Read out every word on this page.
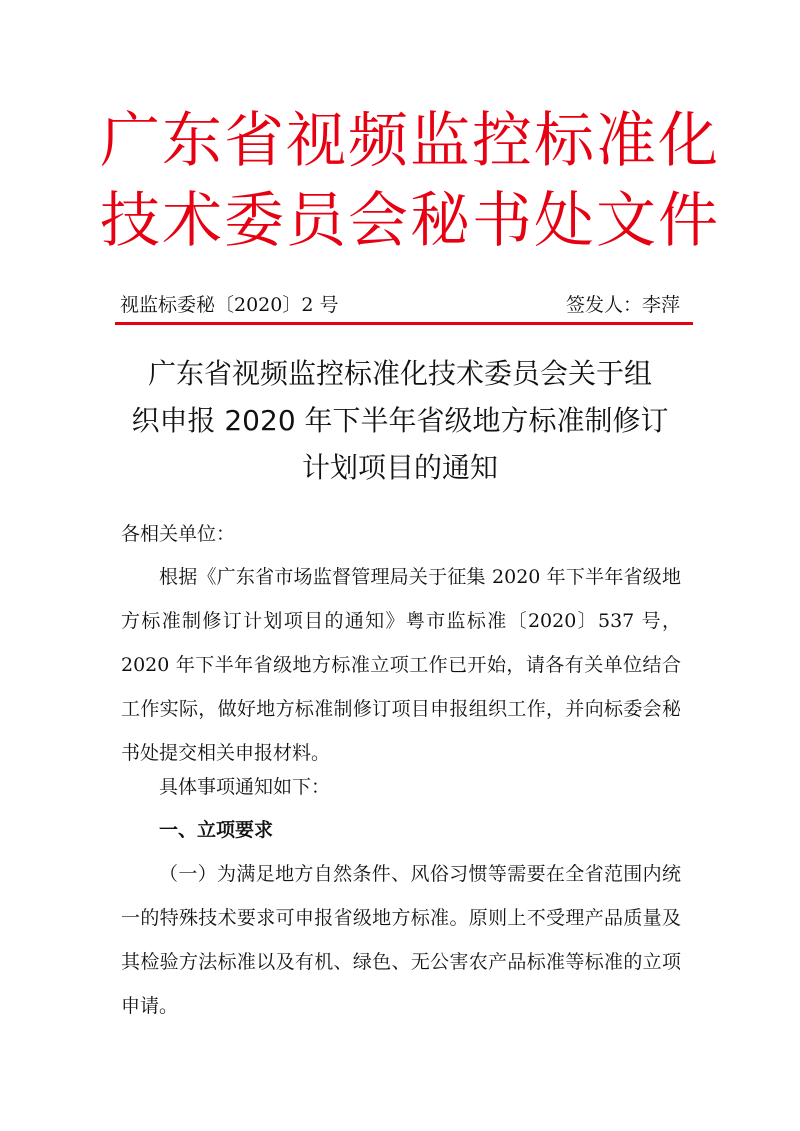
广东省视频监控标准化
技术委员会秘书处文件
视监标委秘〔2020〕2 号	签发人：李萍
广东省视频监控标准化技术委员会关于组
织申报 2020 年下半年省级地方标准制修订
计划项目的通知
各相关单位：
根据《广东省市场监督管理局关于征集 2020 年下半年省级地方标准制修订计划项目的通知》粤市监标准〔2020〕537 号，2020 年下半年省级地方标准立项工作已开始，请各有关单位结合工作实际，做好地方标准制修订项目申报组织工作，并向标委会秘书处提交相关申报材料。
具体事项通知如下：
一、立项要求
（一）为满足地方自然条件、风俗习惯等需要在全省范围内统一的特殊技术要求可申报省级地方标准。原则上不受理产品质量及其检验方法标准以及有机、绿色、无公害农产品标准等标准的立项申请。
